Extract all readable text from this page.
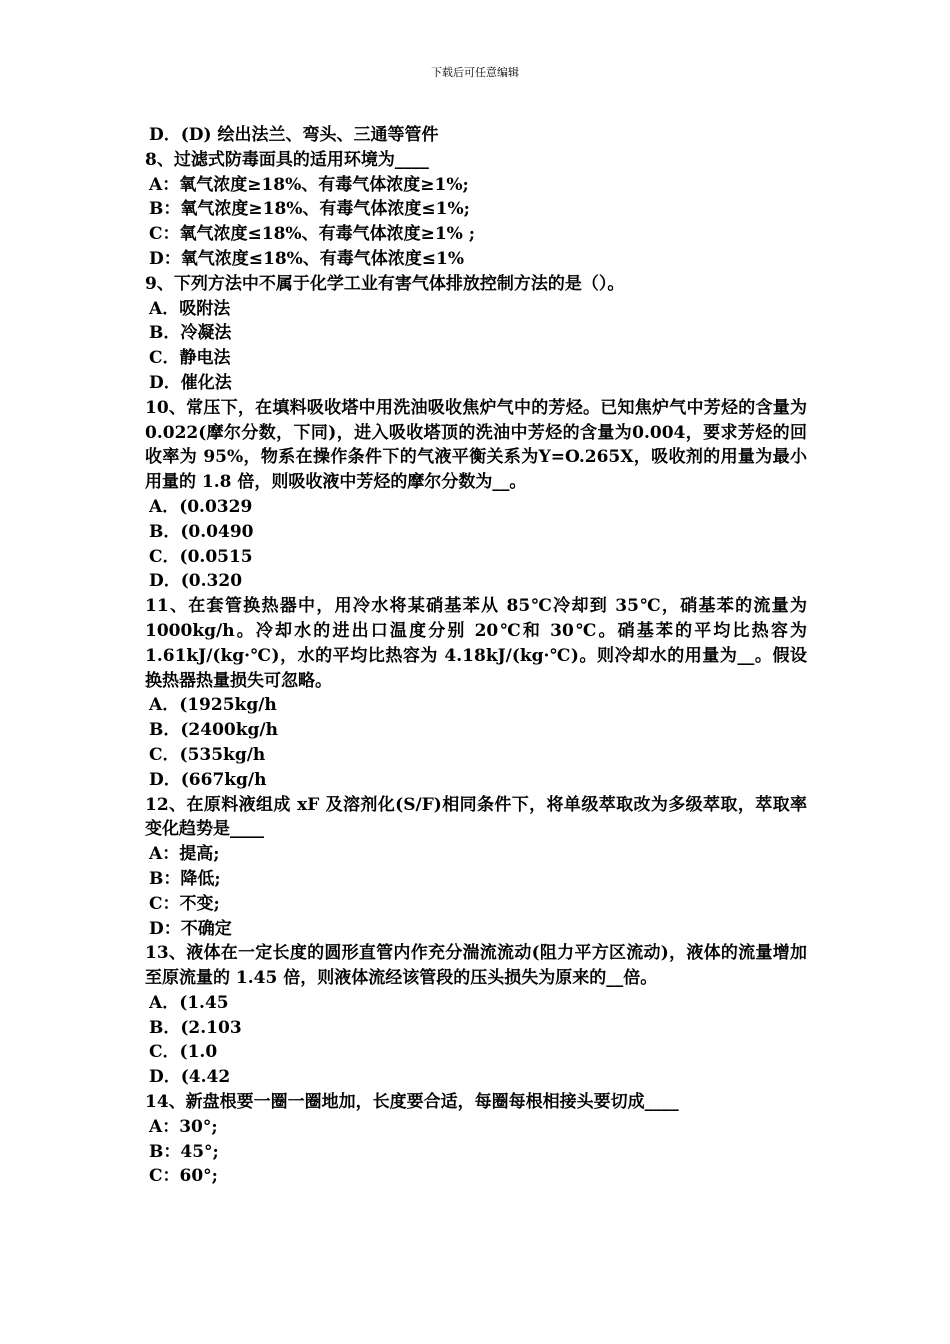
下载后可任意编辑
D．(D) 绘出法兰、弯头、三通等管件
8、过滤式防毒面具的适用环境为____
A：氧气浓度≥18%、有毒气体浓度≥1%;
B：氧气浓度≥18%、有毒气体浓度≤1%;
C：氧气浓度≤18%、有毒气体浓度≥1% ;
D：氧气浓度≤18%、有毒气体浓度≤1%
9、下列方法中不属于化学工业有害气体排放控制方法的是（）。
A．吸附法
B．冷凝法
C．静电法
D．催化法
10、常压下，在填料吸收塔中用洗油吸收焦炉气中的芳烃。已知焦炉气中芳烃的含量为 0.022(摩尔分数，下同)，进入吸收塔顶的洗油中芳烃的含量为0.004，要求芳烃的回收率为 95%，物系在操作条件下的气液平衡关系为Y=O.265X，吸收剂的用量为最小用量的 1.8 倍，则吸收液中芳烃的摩尔分数为__。
A．(0.0329
B．(0.0490
C．(0.0515
D．(0.320
11、在套管换热器中，用冷水将某硝基苯从 85℃冷却到 35℃，硝基苯的流量为1000kg/h。冷却水的进出口温度分别 20℃和 30℃。硝基苯的平均比热容为1.61kJ/(kg·℃)，水的平均比热容为 4.18kJ/(kg·℃)。则冷却水的用量为__。假设换热器热量损失可忽略。
A．(1925kg/h
B．(2400kg/h
C．(535kg/h
D．(667kg/h
12、在原料液组成 xF 及溶剂化(S/F)相同条件下，将单级萃取改为多级萃取，萃取率变化趋势是____
A：提高;
B：降低;
C：不变;
D：不确定
13、液体在一定长度的圆形直管内作充分湍流流动(阻力平方区流动)，液体的流量增加至原流量的 1.45 倍，则液体流经该管段的压头损失为原来的__倍。
A．(1.45
B．(2.103
C．(1.0
D．(4.42
14、新盘根要一圈一圈地加，长度要合适，每圈每根相接头要切成____
A：30°;
B：45°;
C：60°;
